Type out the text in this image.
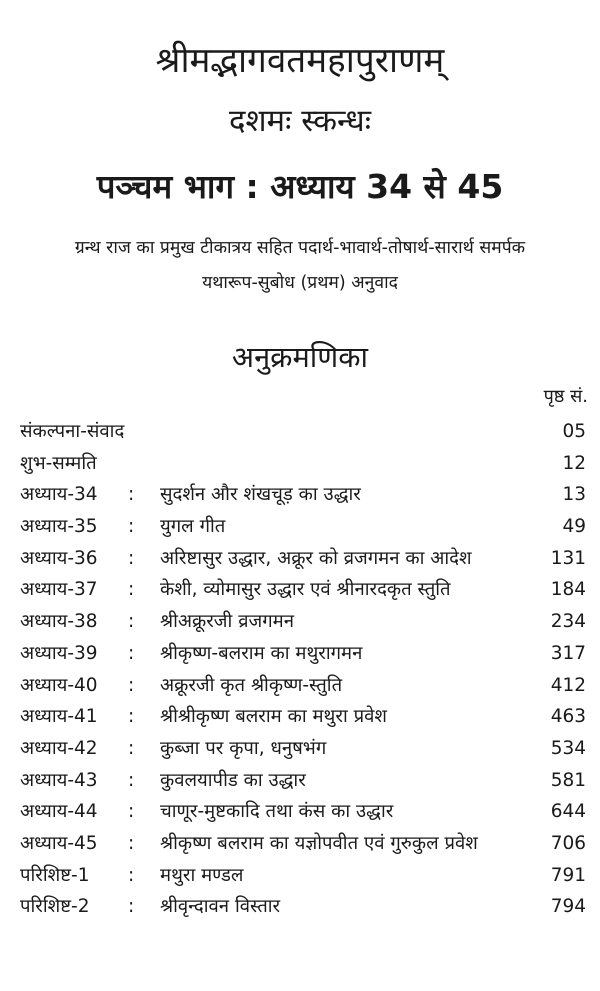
श्रीमद्भागवतमहापुराणम्
दशमः स्कन्धः
पञ्चम भाग : अध्याय 34 से 45
ग्रन्थ राज का प्रमुख टीकात्रय सहित पदार्थ-भावार्थ-तोषार्थ-सारार्थ समर्पक
यथारूप-सुबोध (प्रथम) अनुवाद
अनुक्रमणिका
पृष्ठ सं.
संकल्पना-संवाद	05
शुभ-सम्मति	12
अध्याय-34 : सुदर्शन और शंखचूड़ का उद्धार	13
अध्याय-35 : युगल गीत	49
अध्याय-36 : अरिष्टासुर उद्धार, अक्रूर को व्रजगमन का आदेश	131
अध्याय-37 : केशी, व्योमासुर उद्धार एवं श्रीनारदकृत स्तुति	184
अध्याय-38 : श्रीअक्रूरजी व्रजगमन	234
अध्याय-39 : श्रीकृष्ण-बलराम का मथुरागमन	317
अध्याय-40 : अक्रूरजी कृत श्रीकृष्ण-स्तुति	412
अध्याय-41 : श्रीश्रीकृष्ण बलराम का मथुरा प्रवेश	463
अध्याय-42 : कुब्जा पर कृपा, धनुषभंग	534
अध्याय-43 : कुवलयापीड का उद्धार	581
अध्याय-44 : चाणूर-मुष्टकादि तथा कंस का उद्धार	644
अध्याय-45 : श्रीकृष्ण बलराम का यज्ञोपवीत एवं गुरुकुल प्रवेश	706
परिशिष्ट-1 : मथुरा मण्डल	791
परिशिष्ट-2 : श्रीवृन्दावन विस्तार	794
